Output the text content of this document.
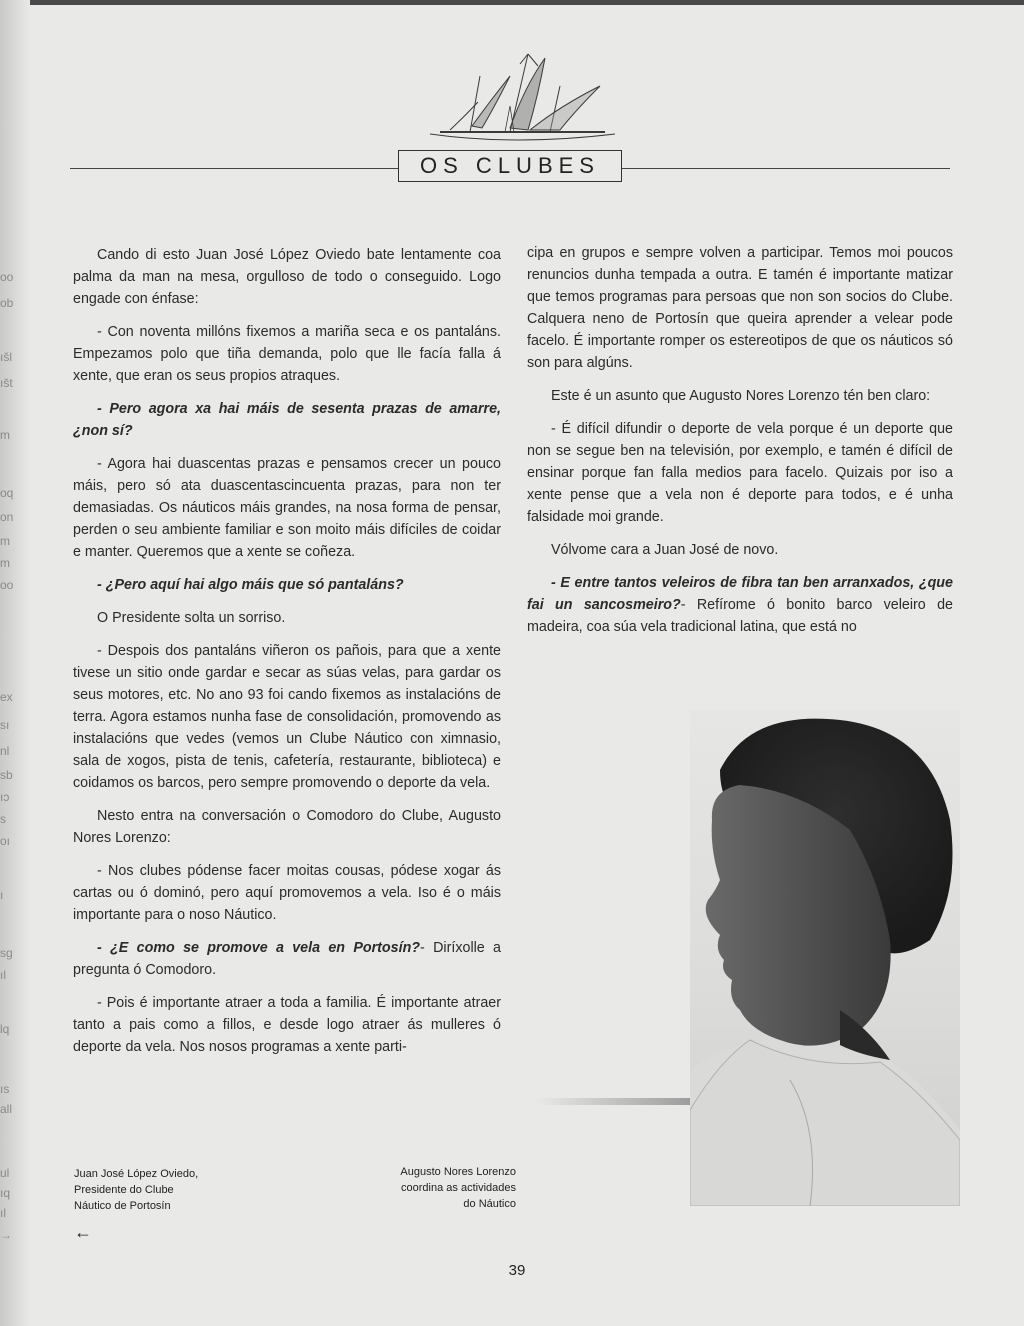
oo
ob
ıšl
ıšt
m
oq
on
m
m
oo
ex
sı
nl
sb
ıɔ
s
oı
ı
sg
ıl
lq
ıs
all
ul
ıq
ıl
→
OS CLUBES

Cando di esto Juan José López Oviedo bate lentamente coa palma da man na mesa, orgulloso de todo o conseguido. Logo engade con énfase:

- Con noventa millóns fixemos a mariña seca e os pantaláns. Empezamos polo que tiña demanda, polo que lle facía falla á xente, que eran os seus propios atraques.

- Pero agora xa hai máis de sesenta prazas de amarre, ¿non sí?

- Agora hai duascentas prazas e pensamos crecer un pouco máis, pero só ata duascentascincuenta prazas, para non ter demasiadas. Os náuticos máis grandes, na nosa forma de pensar, perden o seu ambiente familiar e son moito máis difíciles de coidar e manter. Queremos que a xente se coñeza.

- ¿Pero aquí hai algo máis que só pantaláns?

O Presidente solta un sorriso.

- Despois dos pantaláns viñeron os pañois, para que a xente tivese un sitio onde gardar e secar as súas velas, para gardar os seus motores, etc. No ano 93 foi cando fixemos as instalacións de terra. Agora estamos nunha fase de consolidación, promovendo as instalacións que vedes (vemos un Clube Náutico con ximnasio, sala de xogos, pista de tenis, cafetería, restaurante, biblioteca) e coidamos os barcos, pero sempre promovendo o deporte da vela.

Nesto entra na conversación o Comodoro do Clube, Augusto Nores Lorenzo:

- Nos clubes pódense facer moitas cousas, pódese xogar ás cartas ou ó dominó, pero aquí promovemos a vela. Iso é o máis importante para o noso Náutico.

- ¿E como se promove a vela en Portosín?- Diríxolle a pregunta ó Comodoro.

- Pois é importante atraer a toda a familia. É importante atraer tanto a pais como a fillos, e desde logo atraer ás mulleres ó deporte da vela. Nos nosos programas a xente parti-

cipa en grupos e sempre volven a participar. Temos moi poucos renuncios dunha tempada a outra. E tamén é importante matizar que temos programas para persoas que non son socios do Clube. Calquera neno de Portosín que queira aprender a velear pode facelo. É importante romper os estereotipos de que os náuticos só son para algúns.

Este é un asunto que Augusto Nores Lorenzo tén ben claro:

- É difícil difundir o deporte de vela porque é un deporte que non se segue ben na televisión, por exemplo, e tamén é difícil de ensinar porque fan falla medios para facelo. Quizais por iso a xente pense que a vela non é deporte para todos, e é unha falsidade moi grande.

Vólvome cara a Juan José de novo.

- E entre tantos veleiros de fibra tan ben arranxados, ¿que fai un sancosmeiro?- Refírome ó bonito barco veleiro de madeira, coa súa vela tradicional latina, que está no

Juan José López Oviedo,
Presidente do Clube
Náutico de Portosín
←
Augusto Nores Lorenzo
coordina as actividades
do Náutico
39
